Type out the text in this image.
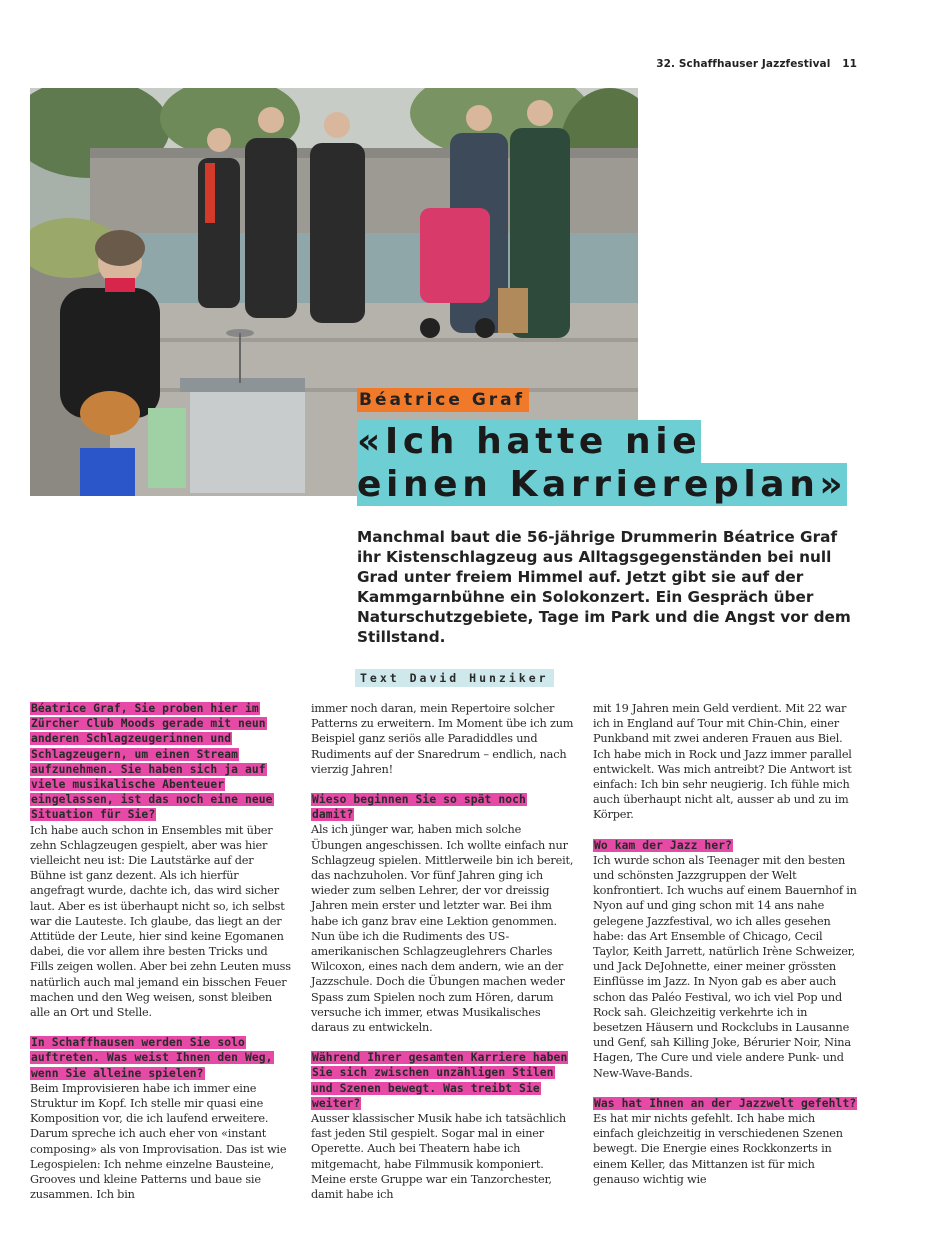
32. Schaffhauser Jazzfestival 11
Béatrice Graf
«Ich hatte nie
einen Karriereplan»
Manchmal baut die 56-jährige Drummerin Béatrice Graf ihr Kistenschlagzeug aus Alltagsgegenständen bei null Grad unter freiem Himmel auf. Jetzt gibt sie auf der Kammgarnbühne ein Solokonzert. Ein Gespräch über Naturschutzgebiete, Tage im Park und die Angst vor dem Stillstand.
Text David Hunziker

Béatrice Graf, Sie proben hier im Zürcher Club Moods gerade mit neun anderen Schlagzeugerinnen und Schlagzeugern, um einen Stream aufzunehmen. Sie haben sich ja auf viele musikalische Abenteuer eingelassen, ist das noch eine neue Situation für Sie?

Ich habe auch schon in Ensembles mit über zehn Schlagzeugen gespielt, aber was hier vielleicht neu ist: Die Lautstärke auf der Bühne ist ganz dezent. Als ich hierfür angefragt wurde, dachte ich, das wird sicher laut. Aber es ist überhaupt nicht so, ich selbst war die Lauteste. Ich glaube, das liegt an der Attitüde der Leute, hier sind keine Egomanen dabei, die vor allem ihre besten Tricks und Fills zeigen wollen. Aber bei zehn Leuten muss natürlich auch mal jemand ein bisschen Feuer machen und den Weg weisen, sonst bleiben alle an Ort und Stelle.

In Schaffhausen werden Sie solo auftreten. Was weist Ihnen den Weg, wenn Sie alleine spielen?

Beim Improvisieren habe ich immer eine Struktur im Kopf. Ich stelle mir quasi eine Komposition vor, die ich laufend erweitere. Darum spreche ich auch eher von «instant composing» als von Improvisation. Das ist wie Legospielen: Ich nehme einzelne Bausteine, Grooves und kleine Patterns und baue sie zusammen. Ich bin

immer noch daran, mein Repertoire solcher Patterns zu erweitern. Im Moment übe ich zum Beispiel ganz seriös alle Paradiddles und Rudiments auf der Snaredrum – endlich, nach vierzig Jahren!

Wieso beginnen Sie so spät noch damit?

Als ich jünger war, haben mich solche Übungen angeschissen. Ich wollte einfach nur Schlagzeug spielen. Mittlerweile bin ich bereit, das nachzuholen. Vor fünf Jahren ging ich wieder zum selben Lehrer, der vor dreissig Jahren mein erster und letzter war. Bei ihm habe ich ganz brav eine Lektion genommen. Nun übe ich die Rudiments des US-amerikanischen Schlagzeuglehrers Charles Wilcoxon, eines nach dem andern, wie an der Jazzschule. Doch die Übungen machen weder Spass zum Spielen noch zum Hören, darum versuche ich immer, etwas Musikalisches daraus zu entwickeln.

Während Ihrer gesamten Karriere haben Sie sich zwischen unzähligen Stilen und Szenen bewegt. Was treibt Sie weiter?

Ausser klassischer Musik habe ich tatsächlich fast jeden Stil gespielt. Sogar mal in einer Operette. Auch bei Theatern habe ich mitgemacht, habe Filmmusik komponiert. Meine erste Gruppe war ein Tanzorchester, damit habe ich

mit 19 Jahren mein Geld verdient. Mit 22 war ich in England auf Tour mit Chin-Chin, einer Punkband mit zwei anderen Frauen aus Biel. Ich habe mich in Rock und Jazz immer parallel entwickelt. Was mich antreibt? Die Antwort ist einfach: Ich bin sehr neugierig. Ich fühle mich auch überhaupt nicht alt, ausser ab und zu im Körper.

Wo kam der Jazz her?

Ich wurde schon als Teenager mit den besten und schönsten Jazzgruppen der Welt konfrontiert. Ich wuchs auf einem Bauernhof in Nyon auf und ging schon mit 14 ans nahe gelegene Jazzfestival, wo ich alles gesehen habe: das Art Ensemble of Chicago, Cecil Taylor, Keith Jarrett, natürlich Irène Schweizer, und Jack DeJohnette, einer meiner grössten Einflüsse im Jazz. In Nyon gab es aber auch schon das Paléo Festival, wo ich viel Pop und Rock sah. Gleichzeitig verkehrte ich in besetzen Häusern und Rockclubs in Lausanne und Genf, sah Killing Joke, Bérurier Noir, Nina Hagen, The Cure und viele andere Punk- und New-Wave-Bands.

Was hat Ihnen an der Jazzwelt gefehlt?

Es hat mir nichts gefehlt. Ich habe mich einfach gleichzeitig in verschiedenen Szenen bewegt. Die Energie eines Rockkonzerts in einem Keller, das Mittanzen ist für mich genauso wichtig wie
